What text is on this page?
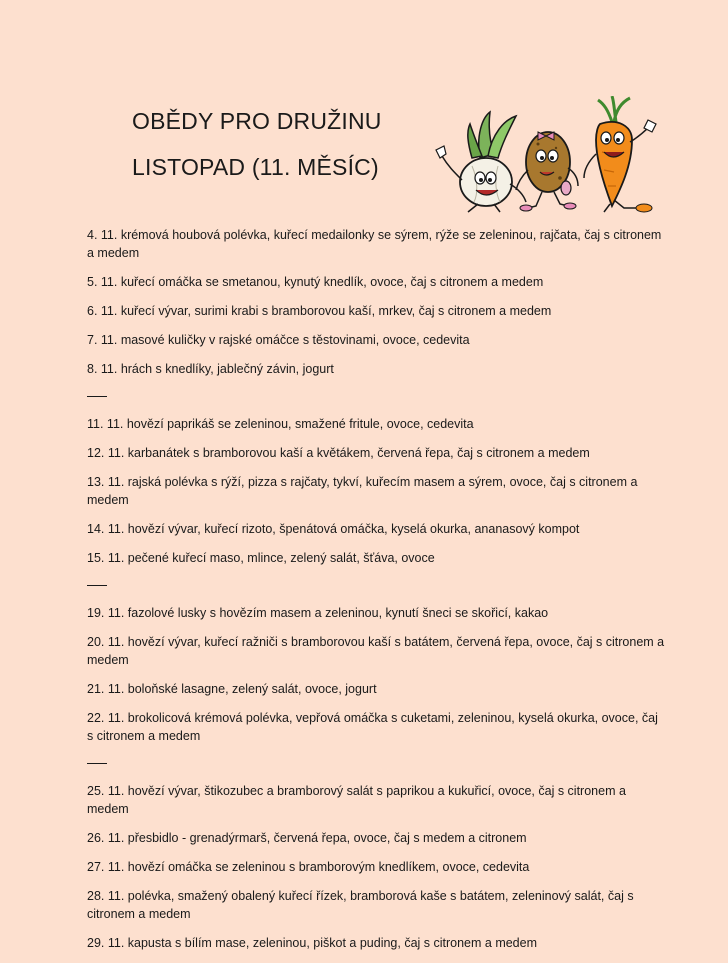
OBĚDY PRO DRUŽINU
LISTOPAD (11. MĚSÍC)

4. 11. krémová houbová polévka, kuřecí medailonky se sýrem, rýže se zeleninou, rajčata, čaj s citronem a medem

5. 11. kuřecí omáčka se smetanou, kynutý knedlík, ovoce, čaj s citronem a medem

6. 11. kuřecí vývar, surimi krabi s bramborovou kaší, mrkev, čaj s citronem a medem

7. 11. masové kuličky v rajské omáčce s těstovinami, ovoce, cedevita

8. 11. hrách s knedlíky, jablečný závin, jogurt

11. 11. hovězí paprikáš se zeleninou, smažené fritule, ovoce, cedevita

12. 11. karbanátek s bramborovou kaší a květákem, červená řepa, čaj s citronem a medem

13. 11. rajská polévka s rýží, pizza s rajčaty, tykví, kuřecím masem a sýrem, ovoce, čaj s citronem a medem

14. 11. hovězí vývar, kuřecí rizoto, špenátová omáčka, kyselá okurka, ananasový kompot

15. 11. pečené kuřecí maso, mlince, zelený salát, šťáva, ovoce

19. 11. fazolové lusky s hovězím masem a zeleninou, kynutí šneci se skořicí, kakao

20. 11. hovězí vývar, kuřecí ražniči s bramborovou kaší s batátem, červená řepa, ovoce, čaj s citronem a medem

21. 11. boloňské lasagne, zelený salát, ovoce, jogurt

22. 11. brokolicová krémová polévka, vepřová omáčka s cuketami, zeleninou, kyselá okurka, ovoce, čaj s citronem a medem

25. 11. hovězí vývar, štikozubec a bramborový salát s paprikou a kukuřicí, ovoce, čaj s citronem a medem

26. 11. přesbidlo - grenadýrmarš, červená řepa, ovoce, čaj s medem a citronem

27. 11. hovězí omáčka se zeleninou s bramborovým knedlíkem, ovoce, cedevita

28. 11. polévka, smažený obalený kuřecí řízek, bramborová kaše s batátem, zeleninový salát, čaj s citronem a medem

29. 11. kapusta s bílím mase, zeleninou, piškot a puding, čaj s citronem a medem
